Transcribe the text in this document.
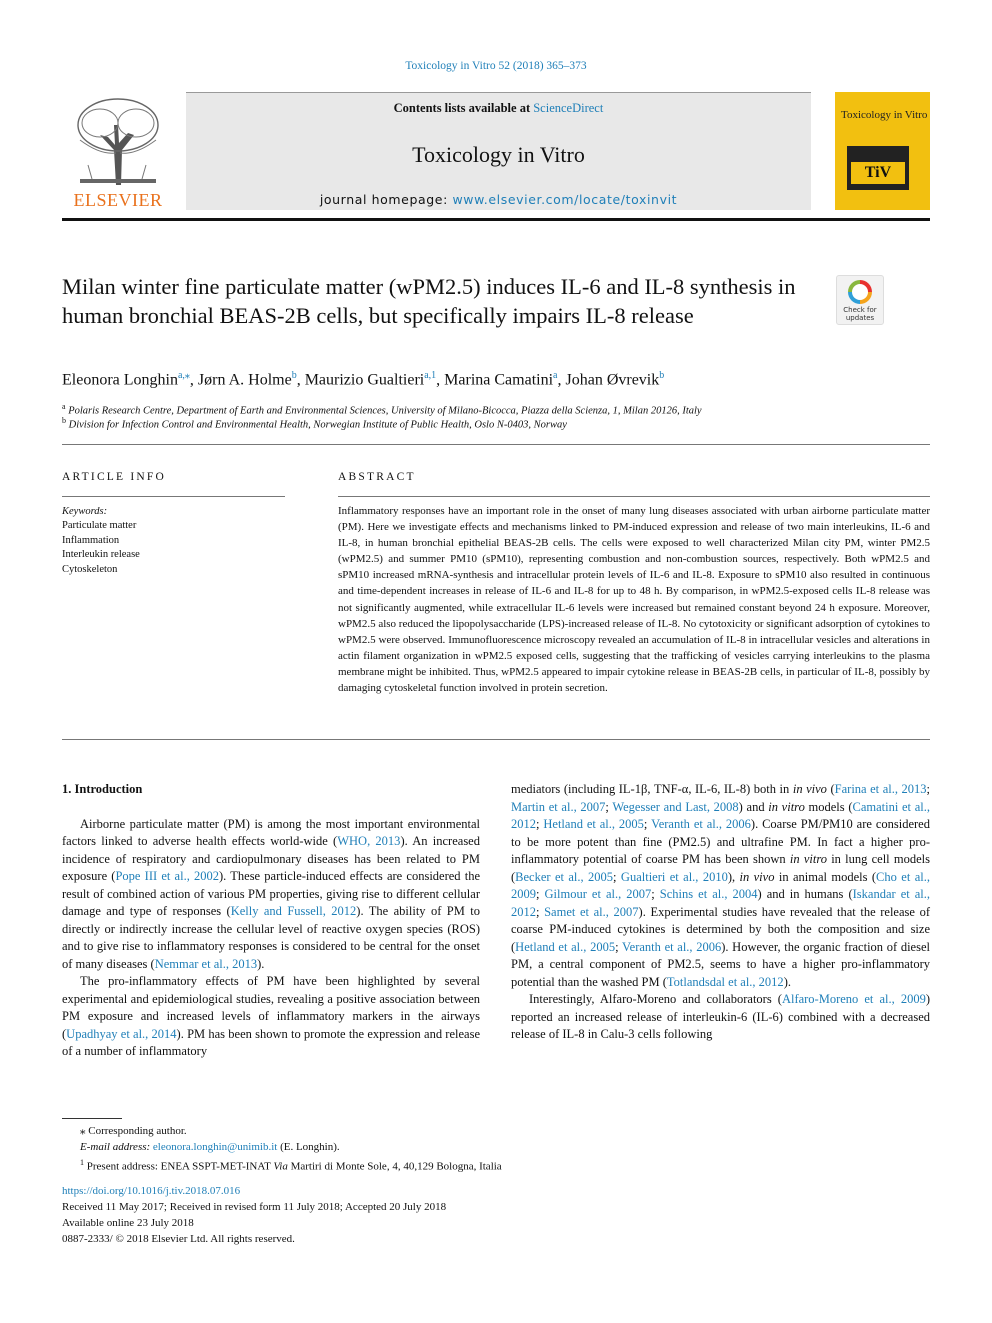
Toxicology in Vitro 52 (2018) 365–373
ELSEVIER
Contents lists available at ScienceDirect
Toxicology in Vitro
journal homepage: www.elsevier.com/locate/toxinvit
Toxicology in Vitro
TiV
Milan winter fine particulate matter (wPM2.5) induces IL-6 and IL-8 synthesis in human bronchial BEAS-2B cells, but specifically impairs IL-8 release	Check for updates
Eleonora Longhin$^{a,⁎}$, Jørn A. Holme$^b$, Maurizio Gualtieri$^{a,1}$, Marina Camatini$^a$, Johan Øvrevik$^b$
$^a$ Polaris Research Centre, Department of Earth and Environmental Sciences, University of Milano-Bicocca, Piazza della Scienza, 1, Milan 20126, Italy
$^b$ Division for Infection Control and Environmental Health, Norwegian Institute of Public Health, Oslo N-0403, Norway
ARTICLE INFO	ABSTRACT
Keywords:
Particulate matter
Inflammation
Interleukin release
Cytoskeleton
Inflammatory responses have an important role in the onset of many lung diseases associated with urban airborne particulate matter (PM). Here we investigate effects and mechanisms linked to PM-induced expression and release of two main interleukins, IL-6 and IL-8, in human bronchial epithelial BEAS-2B cells. The cells were exposed to well characterized Milan city PM, winter PM2.5 (wPM2.5) and summer PM10 (sPM10), representing combustion and non-combustion sources, respectively. Both wPM2.5 and sPM10 increased mRNA-synthesis and intracellular protein levels of IL-6 and IL-8. Exposure to sPM10 also resulted in continuous and time-dependent increases in release of IL-6 and IL-8 for up to 48 h. By comparison, in wPM2.5-exposed cells IL-8 release was not significantly augmented, while extracellular IL-6 levels were increased but remained constant beyond 24 h exposure. Moreover, wPM2.5 also reduced the lipopolysaccharide (LPS)-increased release of IL-8. No cytotoxicity or significant adsorption of cytokines to wPM2.5 were observed. Immunofluorescence microscopy revealed an accumulation of IL-8 in intracellular vesicles and alterations in actin filament organization in wPM2.5 exposed cells, suggesting that the trafficking of vesicles carrying interleukins to the plasma membrane might be inhibited. Thus, wPM2.5 appeared to impair cytokine release in BEAS-2B cells, in particular of IL-8, possibly by damaging cytoskeletal function involved in protein secretion.
1. Introduction

Airborne particulate matter (PM) is among the most important environmental factors linked to adverse health effects world-wide (WHO, 2013). An increased incidence of respiratory and cardiopulmonary diseases has been related to PM exposure (Pope III et al., 2002). These particle-induced effects are considered the result of combined action of various PM properties, giving rise to different cellular damage and type of responses (Kelly and Fussell, 2012). The ability of PM to directly or indirectly increase the cellular level of reactive oxygen species (ROS) and to give rise to inflammatory responses is considered to be central for the onset of many diseases (Nemmar et al., 2013).

The pro-inflammatory effects of PM have been highlighted by several experimental and epidemiological studies, revealing a positive association between PM exposure and increased levels of inflammatory markers in the airways (Upadhyay et al., 2014). PM has been shown to promote the expression and release of a number of inflammatory

mediators (including IL-1β, TNF-α, IL-6, IL-8) both in in vivo (Farina et al., 2013; Martin et al., 2007; Wegesser and Last, 2008) and in vitro models (Camatini et al., 2012; Hetland et al., 2005; Veranth et al., 2006). Coarse PM/PM10 are considered to be more potent than fine (PM2.5) and ultrafine PM. In fact a higher pro-inflammatory potential of coarse PM has been shown in vitro in lung cell models (Becker et al., 2005; Gualtieri et al., 2010), in vivo in animal models (Cho et al., 2009; Gilmour et al., 2007; Schins et al., 2004) and in humans (Iskandar et al., 2012; Samet et al., 2007). Experimental studies have revealed that the release of coarse PM-induced cytokines is determined by both the composition and size (Hetland et al., 2005; Veranth et al., 2006). However, the organic fraction of diesel PM, a central component of PM2.5, seems to have a higher pro-inflammatory potential than the washed PM (Totlandsdal et al., 2012).

Interestingly, Alfaro-Moreno and collaborators (Alfaro-Moreno et al., 2009) reported an increased release of interleukin-6 (IL-6) combined with a decreased release of IL-8 in Calu-3 cells following

⁎ Corresponding author.
E-mail address: eleonora.longhin@unimib.it (E. Longhin).
$^1$ Present address: ENEA SSPT-MET-INAT Via Martiri di Monte Sole, 4, 40,129 Bologna, Italia
https://doi.org/10.1016/j.tiv.2018.07.016
Received 11 May 2017; Received in revised form 11 July 2018; Accepted 20 July 2018
Available online 23 July 2018
0887-2333/ © 2018 Elsevier Ltd. All rights reserved.
